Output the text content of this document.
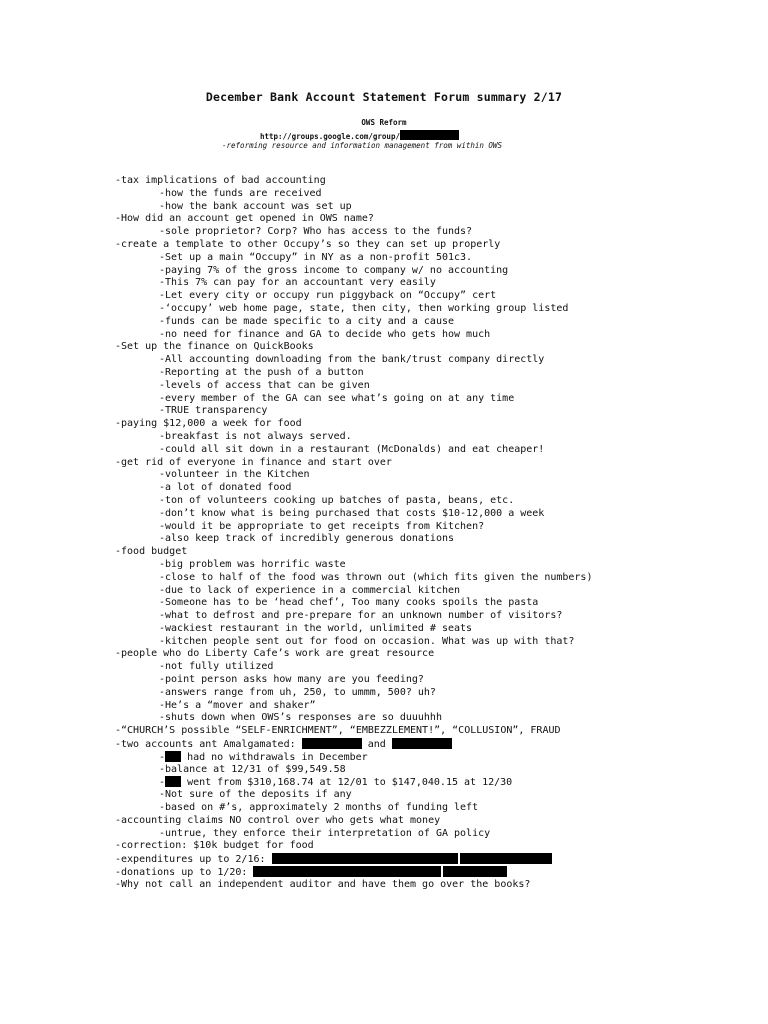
December Bank Account Statement Forum summary 2/17
OWS Reform
http://groups.google.com/group/
-reforming resource and information management from within OWS
-tax implications of bad accounting
-how the funds are received
-how the bank account was set up
-How did an account get opened in OWS name?
-sole proprietor? Corp? Who has access to the funds?
-create a template to other Occupy’s so they can set up properly
-Set up a main “Occupy” in NY as a non-profit 501c3.
-paying 7% of the gross income to company w/ no accounting
-This 7% can pay for an accountant very easily
-Let every city or occupy run piggyback on “Occupy” cert
-‘occupy’ web home page, state, then city, then working group listed
-funds can be made specific to a city and a cause
-no need for finance and GA to decide who gets how much
-Set up the finance on QuickBooks
-All accounting downloading from the bank/trust company directly
-Reporting at the push of a button
-levels of access that can be given
-every member of the GA can see what’s going on at any time
-TRUE transparency
-paying $12,000 a week for food
-breakfast is not always served.
-could all sit down in a restaurant (McDonalds) and eat cheaper!
-get rid of everyone in finance and start over
-volunteer in the Kitchen
-a lot of donated food
-ton of volunteers cooking up batches of pasta, beans, etc.
-don’t know what is being purchased that costs $10-12,000 a week
-would it be appropriate to get receipts from Kitchen?
-also keep track of incredibly generous donations
-food budget
-big problem was horrific waste
-close to half of the food was thrown out (which fits given the numbers)
-due to lack of experience in a commercial kitchen
-Someone has to be ‘head chef’, Too many cooks spoils the pasta
-what to defrost and pre-prepare for an unknown number of visitors?
-wackiest restaurant in the world, unlimited # seats
-kitchen people sent out for food on occasion. What was up with that?
-people who do Liberty Cafe’s work are great resource
-not fully utilized
-point person asks how many are you feeding?
-answers range from uh, 250, to ummm, 500? uh?
-He’s a “mover and shaker”
-shuts down when OWS’s responses are so duuuhhh
-“CHURCH’S possible “SELF-ENRICHMENT”, “EMBEZZLEMENT!”, “COLLUSION”, FRAUD
-two accounts ant Amalgamated:	and
- had no withdrawals in December
-balance at 12/31 of $99,549.58
- went from $310,168.74 at 12/01 to $147,040.15 at 12/30
-Not sure of the deposits if any
-based on #’s, approximately 2 months of funding left
-accounting claims NO control over who gets what money
-untrue, they enforce their interpretation of GA policy
-correction: $10k budget for food
-expenditures up to 2/16:
-donations up to 1/20:
-Why not call an independent auditor and have them go over the books?
